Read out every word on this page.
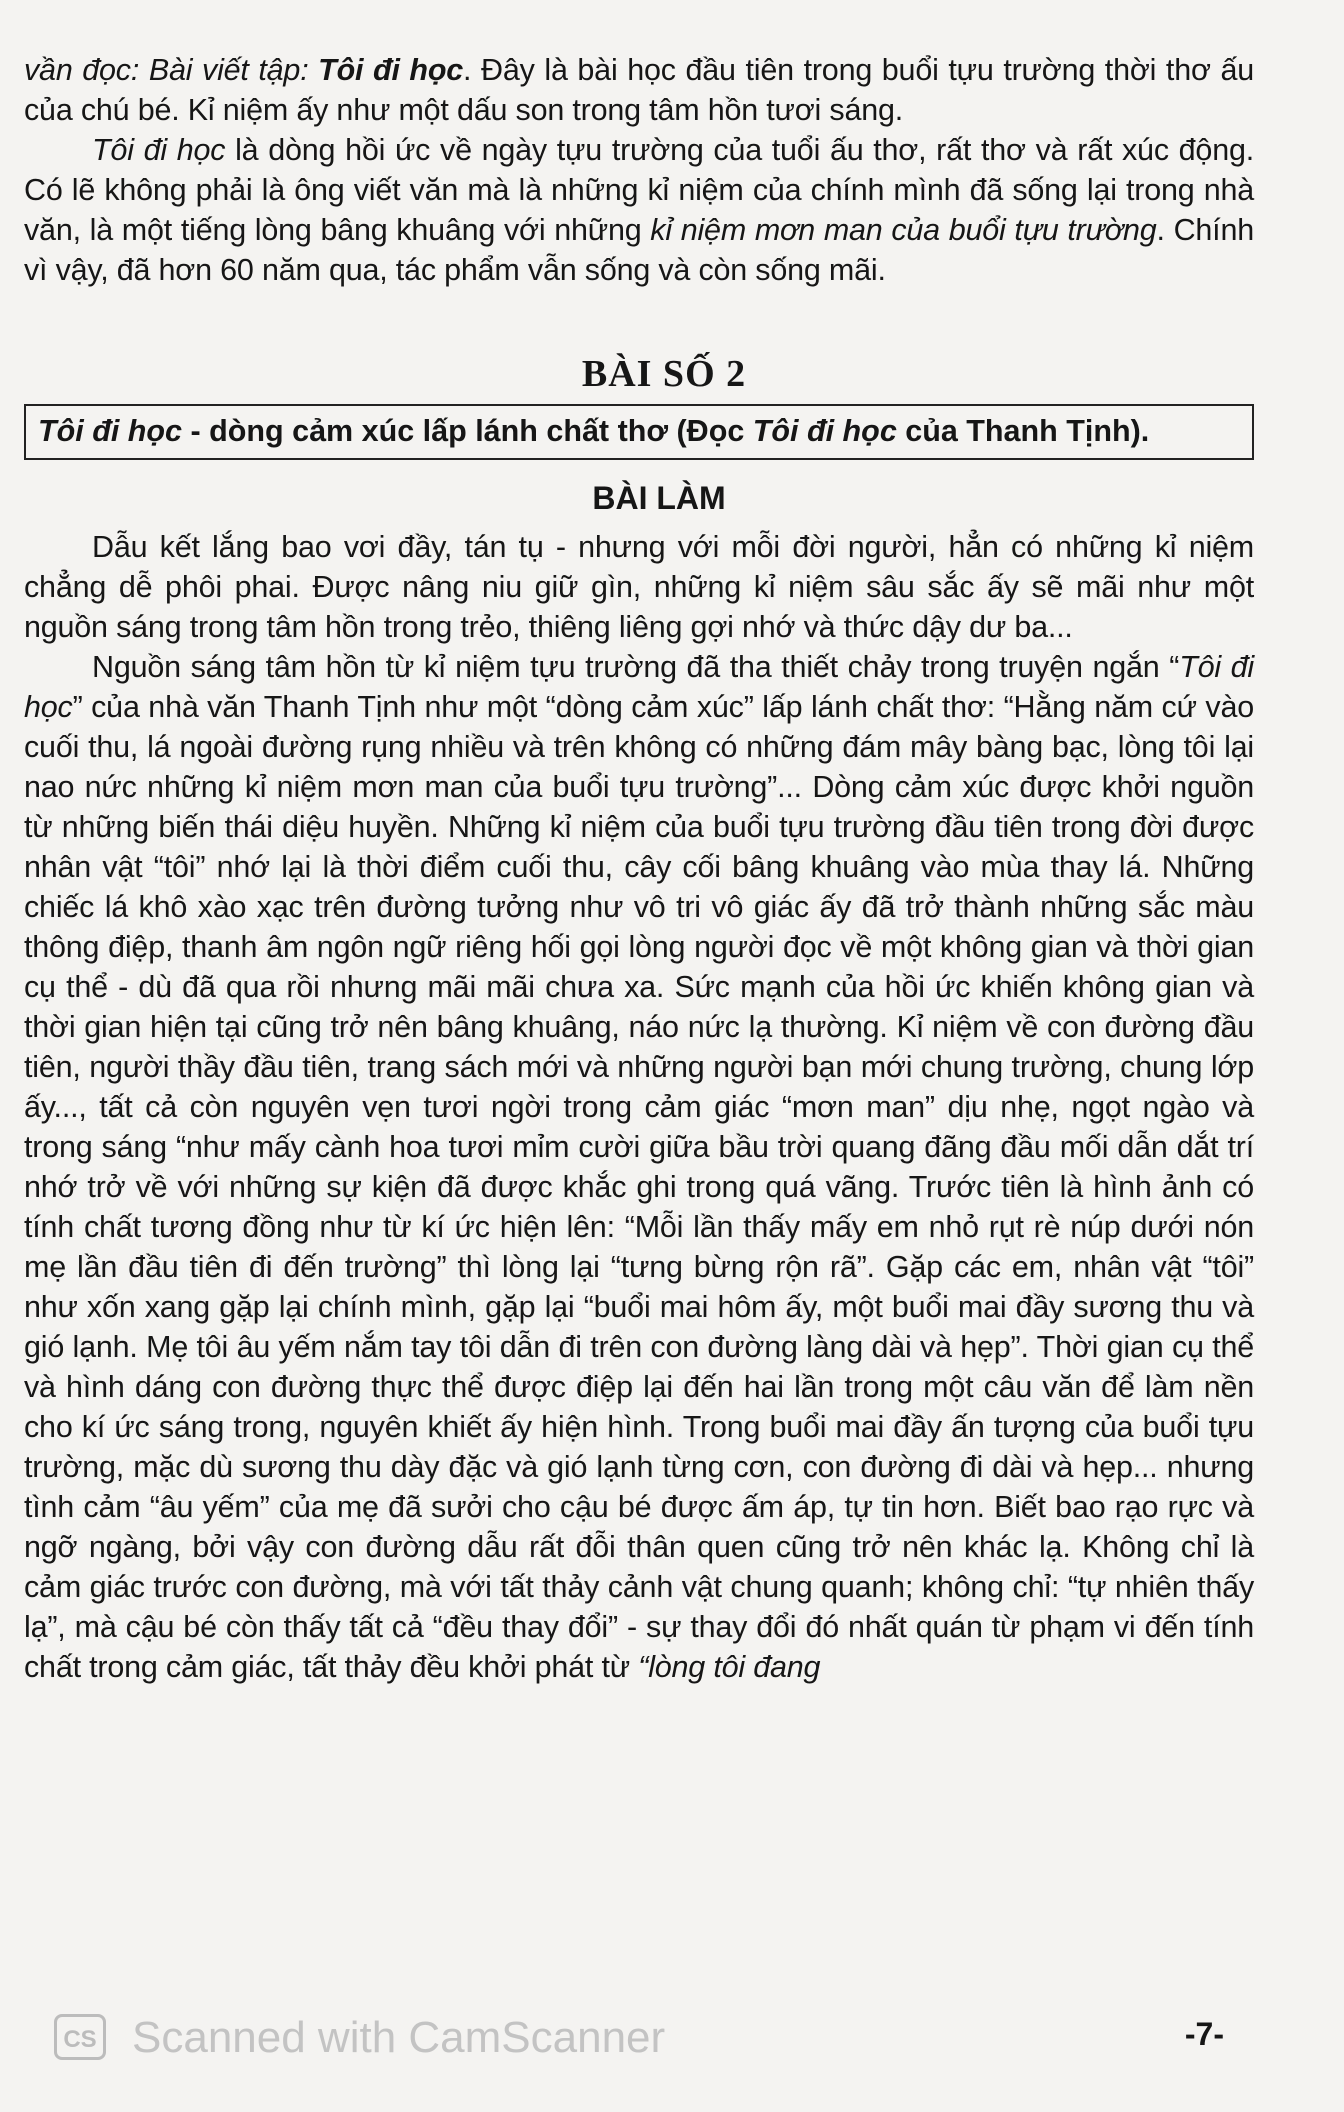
vần đọc: Bài viết tập: Tôi đi học. Đây là bài học đầu tiên trong buổi tựu trường thời thơ ấu của chú bé. Kỉ niệm ấy như một dấu son trong tâm hồn tươi sáng.

Tôi đi học là dòng hồi ức về ngày tựu trường của tuổi ấu thơ, rất thơ và rất xúc động. Có lẽ không phải là ông viết văn mà là những kỉ niệm của chính mình đã sống lại trong nhà văn, là một tiếng lòng bâng khuâng với những kỉ niệm mơn man của buổi tựu trường. Chính vì vậy, đã hơn 60 năm qua, tác phẩm vẫn sống và còn sống mãi.

BÀI SỐ 2
Tôi đi học - dòng cảm xúc lấp lánh chất thơ (Đọc Tôi đi học của Thanh Tịnh).
BÀI LÀM

Dẫu kết lắng bao vơi đầy, tán tụ - nhưng với mỗi đời người, hẳn có những kỉ niệm chẳng dễ phôi phai. Được nâng niu giữ gìn, những kỉ niệm sâu sắc ấy sẽ mãi như một nguồn sáng trong tâm hồn trong trẻo, thiêng liêng gợi nhớ và thức dậy dư ba...

Nguồn sáng tâm hồn từ kỉ niệm tựu trường đã tha thiết chảy trong truyện ngắn “Tôi đi học” của nhà văn Thanh Tịnh như một “dòng cảm xúc” lấp lánh chất thơ: “Hằng năm cứ vào cuối thu, lá ngoài đường rụng nhiều và trên không có những đám mây bàng bạc, lòng tôi lại nao nức những kỉ niệm mơn man của buổi tựu trường”... Dòng cảm xúc được khởi nguồn từ những biến thái diệu huyền. Những kỉ niệm của buổi tựu trường đầu tiên trong đời được nhân vật “tôi” nhớ lại là thời điểm cuối thu, cây cối bâng khuâng vào mùa thay lá. Những chiếc lá khô xào xạc trên đường tưởng như vô tri vô giác ấy đã trở thành những sắc màu thông điệp, thanh âm ngôn ngữ riêng hối gọi lòng người đọc về một không gian và thời gian cụ thể - dù đã qua rồi nhưng mãi mãi chưa xa. Sức mạnh của hồi ức khiến không gian và thời gian hiện tại cũng trở nên bâng khuâng, náo nức lạ thường. Kỉ niệm về con đường đầu tiên, người thầy đầu tiên, trang sách mới và những người bạn mới chung trường, chung lớp ấy..., tất cả còn nguyên vẹn tươi ngời trong cảm giác “mơn man” dịu nhẹ, ngọt ngào và trong sáng “như mấy cành hoa tươi mỉm cười giữa bầu trời quang đãng đầu mối dẫn dắt trí nhớ trở về với những sự kiện đã được khắc ghi trong quá vãng. Trước tiên là hình ảnh có tính chất tương đồng như từ kí ức hiện lên: “Mỗi lần thấy mấy em nhỏ rụt rè núp dưới nón mẹ lần đầu tiên đi đến trường” thì lòng lại “tưng bừng rộn rã”. Gặp các em, nhân vật “tôi” như xốn xang gặp lại chính mình, gặp lại “buổi mai hôm ấy, một buổi mai đầy sương thu và gió lạnh. Mẹ tôi âu yếm nắm tay tôi dẫn đi trên con đường làng dài và hẹp”. Thời gian cụ thể và hình dáng con đường thực thể được điệp lại đến hai lần trong một câu văn để làm nền cho kí ức sáng trong, nguyên khiết ấy hiện hình. Trong buổi mai đầy ấn tượng của buổi tựu trường, mặc dù sương thu dày đặc và gió lạnh từng cơn, con đường đi dài và hẹp... nhưng tình cảm “âu yếm” của mẹ đã sưởi cho cậu bé được ấm áp, tự tin hơn. Biết bao rạo rực và ngỡ ngàng, bởi vậy con đường dẫu rất đỗi thân quen cũng trở nên khác lạ. Không chỉ là cảm giác trước con đường, mà với tất thảy cảnh vật chung quanh; không chỉ: “tự nhiên thấy lạ”, mà cậu bé còn thấy tất cả “đều thay đổi” - sự thay đổi đó nhất quán từ phạm vi đến tính chất trong cảm giác, tất thảy đều khởi phát từ “lòng tôi đang

CS Scanned with CamScanner	-7-
